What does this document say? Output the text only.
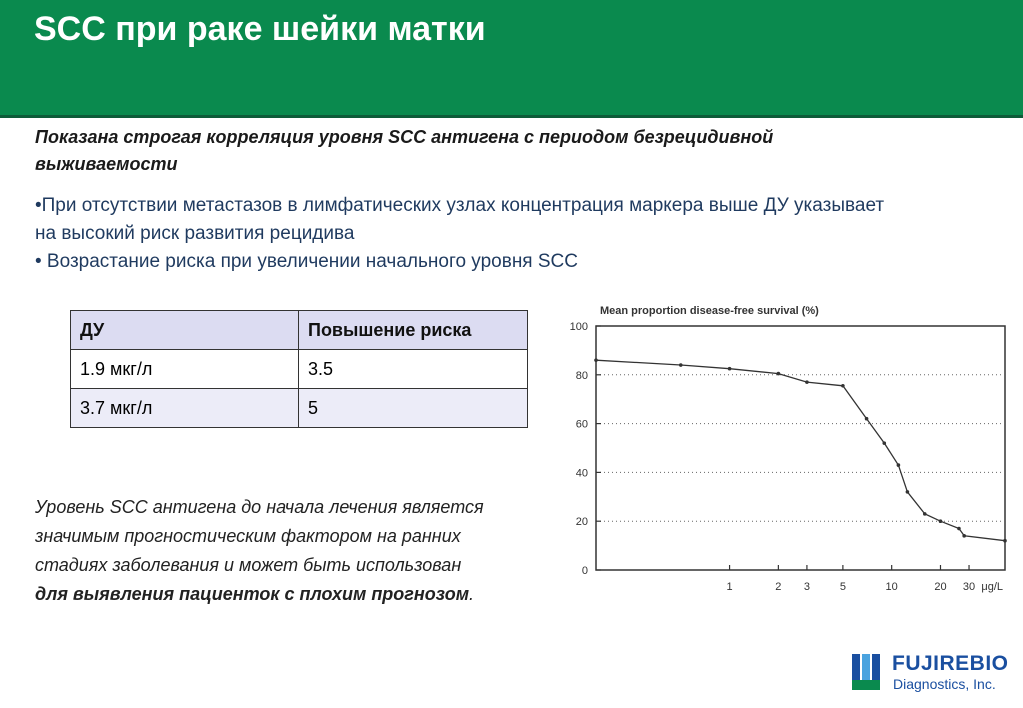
SCC при раке шейки матки
Показана строгая корреляция уровня SCC антигена с периодом безрецидивной выживаемости
•При отсутствии метастазов в лимфатических узлах концентрация маркера выше ДУ указывает на высокий риск развития рецидива
• Возрастание риска при увеличении начального уровня SCC
ДУ	Повышение риска
1.9 мкг/л	3.5
3.7 мкг/л	5
Уровень SCC антигена до начала лечения является
значимым прогностическим фактором на ранних
стадиях заболевания и может быть использован
для выявления пациенток с плохим прогнозом.
Mean proportion disease-free survival (%)
0
20
40
60
80
100
1	2 3	5	10	20 30 μg/L
FUJIREBIO
Diagnostics, Inc.
